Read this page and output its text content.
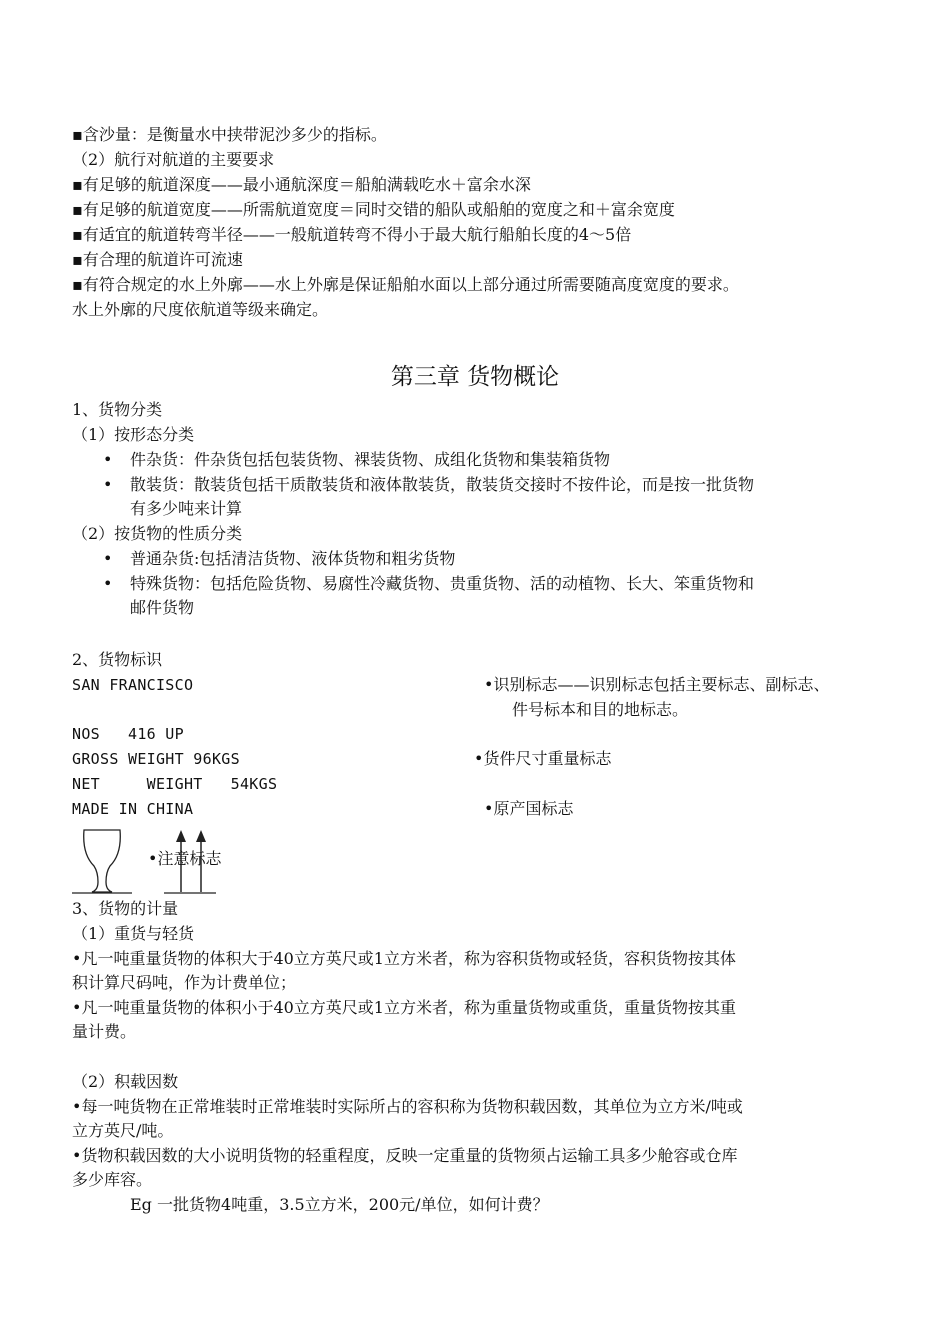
▪ 含沙量：是衡量水中挟带泥沙多少的指标。
（2）航行对航道的主要要求
▪ 有足够的航道深度——最小通航深度＝船舶满载吃水＋富余水深
▪ 有足够的航道宽度——所需航道宽度＝同时交错的船队或船舶的宽度之和＋富余宽度
▪ 有适宜的航道转弯半径——一般航道转弯不得小于最大航行船舶长度的4～5倍
▪ 有合理的航道许可流速
▪ 有符合规定的水上外廓——水上外廓是保证船舶水面以上部分通过所需要随高度宽度的要求。
水上外廓的尺度依航道等级来确定。
第三章 货物概论
1、货物分类
（1）按形态分类
• 件杂货：件杂货包括包装货物、裸装货物、成组化货物和集装箱货物
• 散装货：散装货包括干质散装货和液体散装货，散装货交接时不按件论，而是按一批货物
有多少吨来计算
（2）按货物的性质分类
• 普通杂货:包括清洁货物、液体货物和粗劣货物
• 特殊货物：包括危险货物、易腐性冷藏货物、贵重货物、活的动植物、长大、笨重货物和
邮件货物
2、货物标识
SAN FRANCISCO
NOS   416 UP
GROSS WEIGHT 96KGS
NET     WEIGHT   54KGS
MADE IN CHINA
•识别标志——识别标志包括主要标志、副标志、
件号标本和目的地标志。
•货件尺寸重量标志
•原产国标志
•注意标志
3、货物的计量
（1）重货与轻货
•凡一吨重量货物的体积大于40立方英尺或1立方米者，称为容积货物或轻货，容积货物按其体
积计算尺码吨，作为计费单位；
•凡一吨重量货物的体积小于40立方英尺或1立方米者，称为重量货物或重货，重量货物按其重
量计费。
（2）积载因数
•每一吨货物在正常堆装时正常堆装时实际所占的容积称为货物积载因数，其单位为立方米/吨或
立方英尺/吨。
•货物积载因数的大小说明货物的轻重程度，反映一定重量的货物须占运输工具多少舱容或仓库
多少库容。
Eg 一批货物4吨重，3.5立方米，200元/单位，如何计费？
